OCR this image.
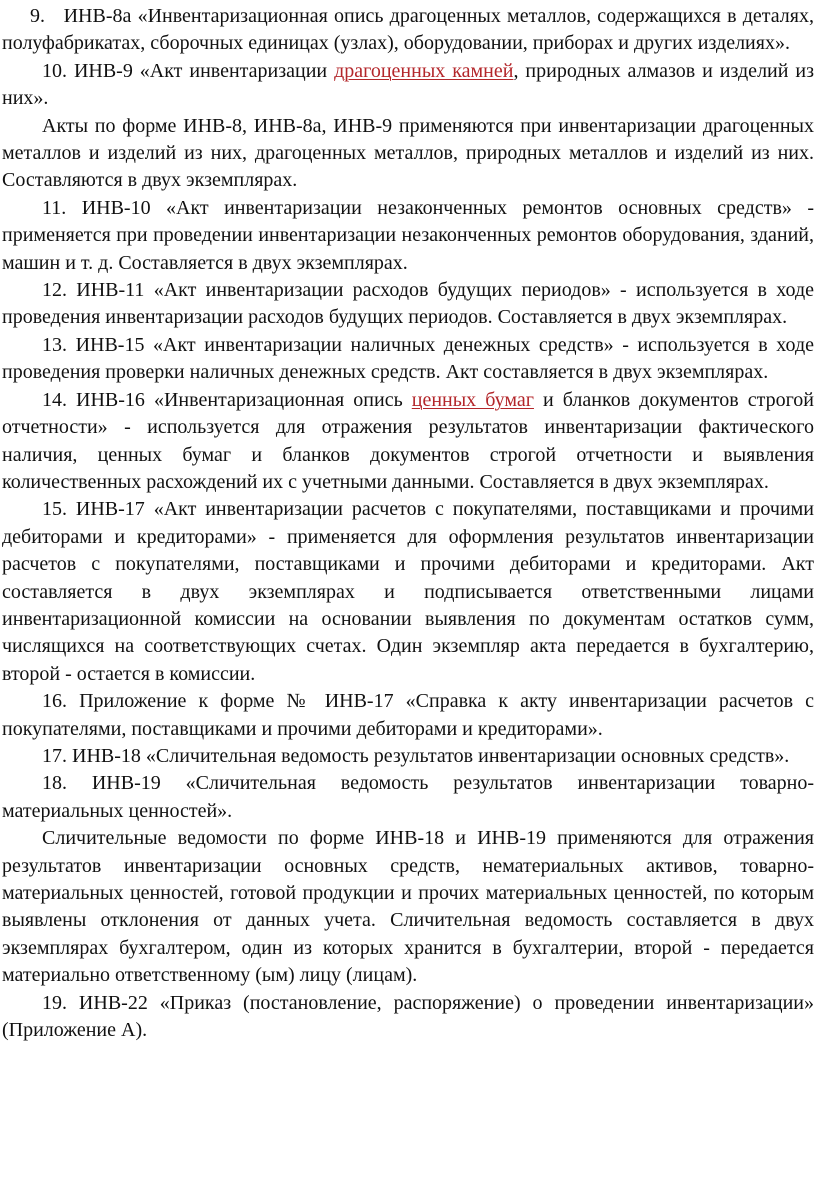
9.   ИНВ-8а «Инвентаризационная опись драгоценных металлов, содержащихся в деталях, полуфабрикатах, сборочных единицах (узлах), оборудовании, приборах и других изделиях».

10. ИНВ-9 «Акт инвентаризации драгоценных камней, природных алмазов и изделий из них».

Акты по форме ИНВ-8, ИНВ-8а, ИНВ-9 применяются при инвентаризации драгоценных металлов и изделий из них, драгоценных металлов, природных металлов и изделий из них. Составляются в двух экземплярах.

11. ИНВ-10 «Акт инвентаризации незаконченных ремонтов основных средств» - применяется при проведении инвентаризации незаконченных ремонтов оборудования, зданий, машин и т. д. Составляется в двух экземплярах.

12. ИНВ-11 «Акт инвентаризации расходов будущих периодов» - используется в ходе проведения инвентаризации расходов будущих периодов. Составляется в двух экземплярах.

13. ИНВ-15 «Акт инвентаризации наличных денежных средств» - используется в ходе проведения проверки наличных денежных средств. Акт составляется в двух экземплярах.

14. ИНВ-16 «Инвентаризационная опись ценных бумаг и бланков документов строгой отчетности» - используется для отражения результатов инвентаризации фактического наличия, ценных бумаг и бланков документов строгой отчетности и выявления количественных расхождений их с учетными данными. Составляется в двух экземплярах.

15. ИНВ-17 «Акт инвентаризации расчетов с покупателями, поставщиками и прочими дебиторами и кредиторами» - применяется для оформления результатов инвентаризации расчетов с покупателями, поставщиками и прочими дебиторами и кредиторами. Акт составляется в двух экземплярах и подписывается ответственными лицами инвентаризационной комиссии на основании выявления по документам остатков сумм, числящихся на соответствующих счетах. Один экземпляр акта передается в бухгалтерию, второй - остается в комиссии.

16. Приложение к форме № ИНВ-17 «Справка к акту инвентаризации расчетов с покупателями, поставщиками и прочими дебиторами и кредиторами».

17. ИНВ-18 «Сличительная ведомость результатов инвентаризации основных средств».

18. ИНВ-19 «Сличительная ведомость результатов инвентаризации товарно-материальных ценностей».

Сличительные ведомости по форме ИНВ-18 и ИНВ-19 применяются для отражения результатов инвентаризации основных средств, нематериальных активов, товарно-материальных ценностей, готовой продукции и прочих материальных ценностей, по которым выявлены отклонения от данных учета. Сличительная ведомость составляется в двух экземплярах бухгалтером, один из которых хранится в бухгалтерии, второй - передается материально ответственному (ым) лицу (лицам).

19. ИНВ-22 «Приказ (постановление, распоряжение) о проведении инвентаризации» (Приложение А).
